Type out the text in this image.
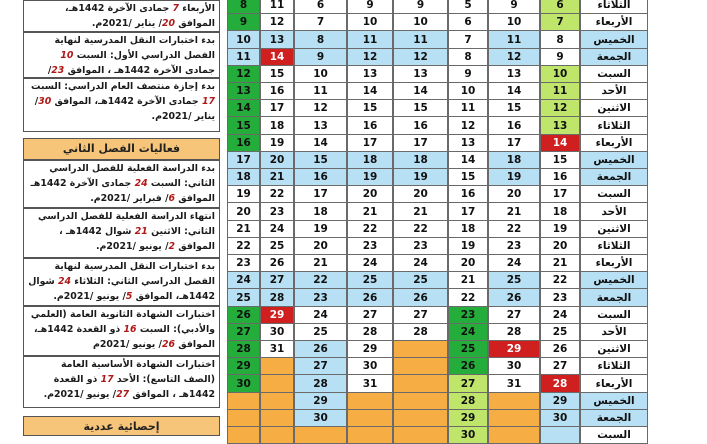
الأربعاء 7 جمادى الآخرة 1442هـ، الموافق 20/ يناير /2021م.
بدء اختبارات النقل المدرسية لنهاية الفصل الدراسي الأول: السبت 10 جمادى الآخرة 1442هـ ، الموافق 23/
بدء إجازة منتصف العام الدراسي: السبت 17 جمادى الآخرة 1442هـ، الموافق 30/ يناير /2021م.
فعاليات الفصل الثاني
بدء الدراسة الفعلية للفصل الدراسي الثاني: السبت 24 جمادى الآخرة 1442هـ الموافق 6/ فبراير /2021م.
انتهاء الدراسة الفعلية للفصل الدراسي الثاني: الاثنين 21 شوال 1442هـ ، الموافق 2/ يونيو /2021م.
بدء اختبارات النقل المدرسية لنهاية الفصل الدراسي الثاني: الثلاثاء 24 شوال 1442هـ، الموافق 5/ يونيو /2021م.
اختبارات الشهادة الثانوية العامة (العلمي والأدبي): السبت 16 ذو القعدة 1442هـ، الموافق 26/ يونيو /2021م
اختبارات الشهادة الأساسية العامة (الصف التاسع): الأحد 17 ذو القعدة 1442هـ ، الموافق 27/ يونيو /2021م.
إحصائية عددية
8
9
10
11
12
13
14
15
16
17
18
19
20
21
22
23
24
25
26
27
28
29
30
11
12
13
14
15
16
17
18
19
20
21
22
23
24
25
26
27
28
29
30
31
6
7
8
9
10
11
12
13
14
15
16
17
18
19
20
21
22
23
24
25
26
27
28
29
30
9
10
11
12
13
14
15
16
17
18
19
20
21
22
23
24
25
26
27
28
29
30
31
9
10
11
12
13
14
15
16
17
18
19
20
21
22
23
24
25
26
27
28
5
6
7
8
9
10
11
12
13
14
15
16
17
18
19
20
21
22
23
24
25
26
27
28
29
30
9
10
11
12
13
14
15
16
17
18
19
20
21
22
23
24
25
26
27
28
29
30
31
6
7
8
9
10
11
12
13
14
15
16
17
18
19
20
21
22
23
24
25
26
27
28
29
30
الثلاثاء
الأربعاء
الخميس
الجمعة
السبت
الأحد
الاثنين
الثلاثاء
الأربعاء
الخميس
الجمعة
السبت
الأحد
الاثنين
الثلاثاء
الأربعاء
الخميس
الجمعة
السبت
الأحد
الاثنين
الثلاثاء
الأربعاء
الخميس
الجمعة
السبت
